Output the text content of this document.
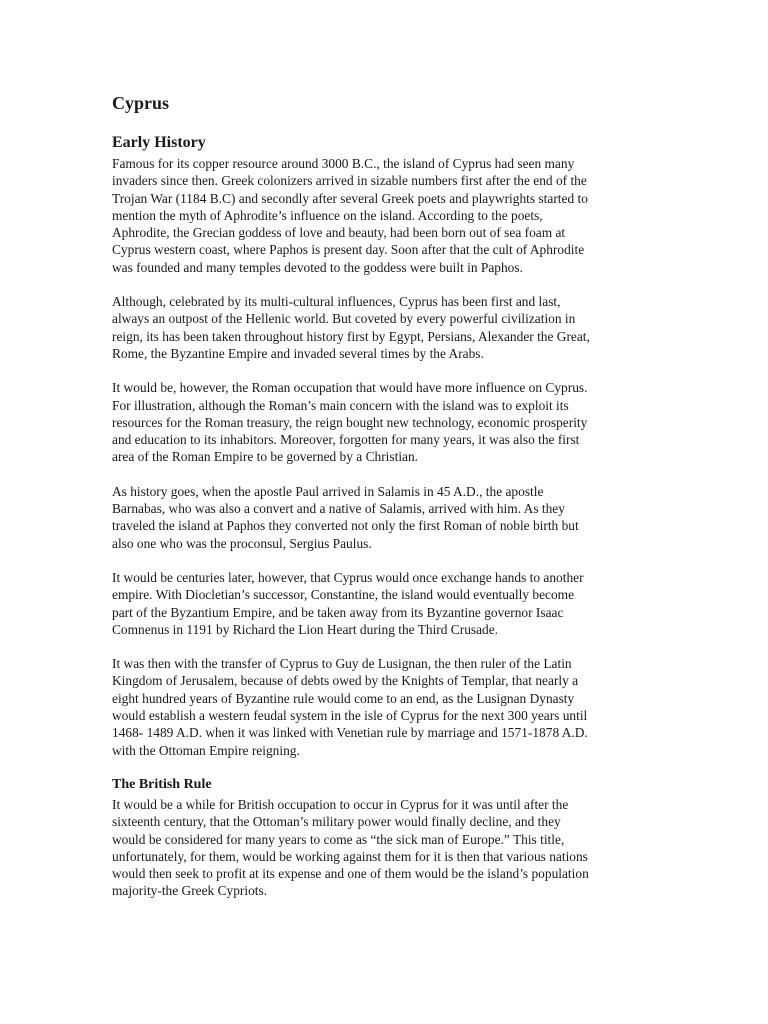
Cyprus
Early History
Famous for its copper resource around 3000 B.C., the island of Cyprus had seen many
invaders since then. Greek colonizers arrived in sizable numbers first after the end of the
Trojan War (1184 B.C) and secondly after several Greek poets and playwrights started to
mention the myth of Aphrodite’s influence on the island. According to the poets,
Aphrodite, the Grecian goddess of love and beauty, had been born out of sea foam at
Cyprus western coast, where Paphos is present day. Soon after that the cult of Aphrodite
was founded and many temples devoted to the goddess were built in Paphos.
Although, celebrated by its multi-cultural influences, Cyprus has been first and last,
always an outpost of the Hellenic world. But coveted by every powerful civilization in
reign, its has been taken throughout history first by Egypt, Persians, Alexander the Great,
Rome, the Byzantine Empire and invaded several times by the Arabs.
It would be, however, the Roman occupation that would have more influence on Cyprus.
For illustration, although the Roman’s main concern with the island was to exploit its
resources for the Roman treasury, the reign bought new technology, economic prosperity
and education to its inhabitors. Moreover, forgotten for many years, it was also the first
area of the Roman Empire to be governed by a Christian.
As history goes, when the apostle Paul arrived in Salamis in 45 A.D., the apostle
Barnabas, who was also a convert and a native of Salamis, arrived with him. As they
traveled the island at Paphos they converted not only the first Roman of noble birth but
also one who was the proconsul, Sergius Paulus.
It would be centuries later, however, that Cyprus would once exchange hands to another
empire. With Diocletian’s successor, Constantine, the island would eventually become
part of the Byzantium Empire, and be taken away from its Byzantine governor Isaac
Comnenus in 1191 by Richard the Lion Heart during the Third Crusade.
It was then with the transfer of Cyprus to Guy de Lusignan, the then ruler of the Latin
Kingdom of Jerusalem, because of debts owed by the Knights of Templar, that nearly a
eight hundred years of Byzantine rule would come to an end, as the Lusignan Dynasty
would establish a western feudal system in the isle of Cyprus for the next 300 years until
1468- 1489 A.D. when it was linked with Venetian rule by marriage and 1571-1878 A.D.
with the Ottoman Empire reigning.
The British Rule
It would be a while for British occupation to occur in Cyprus for it was until after the
sixteenth century, that the Ottoman’s military power would finally decline, and they
would be considered for many years to come as “the sick man of Europe.” This title,
unfortunately, for them, would be working against them for it is then that various nations
would then seek to profit at its expense and one of them would be the island’s population
majority-the Greek Cypriots.
